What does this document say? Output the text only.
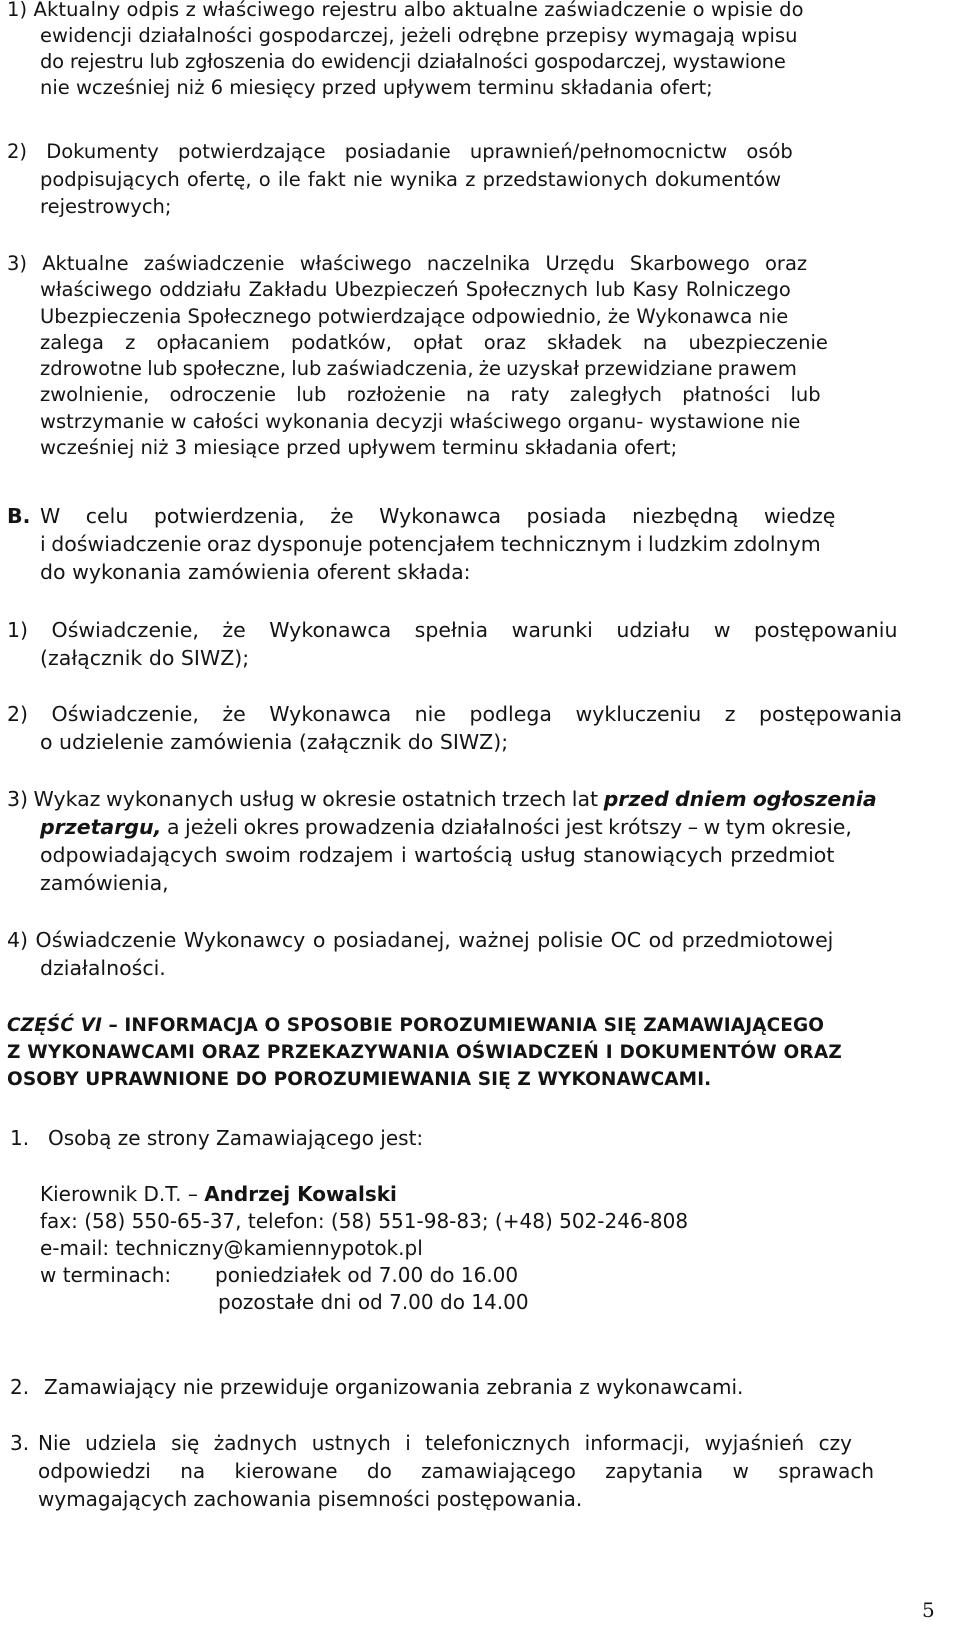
1) Aktualny odpis z właściwego rejestru albo aktualne zaświadczenie o wpisie do

ewidencji działalności gospodarczej, jeżeli odrębne przepisy wymagają wpisu

do rejestru lub zgłoszenia do ewidencji działalności gospodarczej, wystawione

nie wcześniej niż 6 miesięcy przed upływem terminu składania ofert;

2) Dokumenty potwierdzające posiadanie uprawnień/pełnomocnictw osób

podpisujących ofertę, o ile fakt nie wynika z przedstawionych dokumentów

rejestrowych;

3) Aktualne zaświadczenie właściwego naczelnika Urzędu Skarbowego oraz

właściwego oddziału Zakładu Ubezpieczeń Społecznych lub Kasy Rolniczego

Ubezpieczenia Społecznego potwierdzające odpowiednio, że Wykonawca nie

zalega z opłacaniem podatków, opłat oraz składek na ubezpieczenie

zdrowotne lub społeczne, lub zaświadczenia, że uzyskał przewidziane prawem

zwolnienie, odroczenie lub rozłożenie na raty zaległych płatności lub

wstrzymanie w całości wykonania decyzji właściwego organu- wystawione nie

wcześniej niż 3 miesiące przed upływem terminu składania ofert;

B. W celu potwierdzenia, że Wykonawca posiada niezbędną wiedzę

i doświadczenie oraz dysponuje potencjałem technicznym i ludzkim zdolnym

do wykonania zamówienia oferent składa:

1) Oświadczenie, że Wykonawca spełnia warunki udziału w postępowaniu

(załącznik do SIWZ);

2) Oświadczenie, że Wykonawca nie podlega wykluczeniu z postępowania

o udzielenie zamówienia (załącznik do SIWZ);

3) Wykaz wykonanych usług w okresie ostatnich trzech lat przed dniem ogłoszenia

przetargu, a jeżeli okres prowadzenia działalności jest krótszy – w tym okresie,

odpowiadających swoim rodzajem i wartością usług stanowiących przedmiot

zamówienia,

4) Oświadczenie Wykonawcy o posiadanej, ważnej polisie OC od przedmiotowej

działalności.

CZĘŚĆ VI – INFORMACJA O SPOSOBIE POROZUMIEWANIA SIĘ ZAMAWIAJĄCEGO

Z WYKONAWCAMI ORAZ PRZEKAZYWANIA OŚWIADCZEŃ I DOKUMENTÓW ORAZ

OSOBY UPRAWNIONE DO POROZUMIEWANIA SIĘ Z WYKONAWCAMI.

1. Osobą ze strony Zamawiającego jest:

Kierownik D.T. – Andrzej Kowalski

fax: (58) 550-65-37, telefon: (58) 551-98-83; (+48) 502-246-808

e-mail: techniczny@kamiennypotok.pl

w terminach: poniedziałek od 7.00 do 16.00

pozostałe dni od 7.00 do 14.00

2. Zamawiający nie przewiduje organizowania zebrania z wykonawcami.

3. Nie udziela się żadnych ustnych i telefonicznych informacji, wyjaśnień czy

odpowiedzi na kierowane do zamawiającego zapytania w sprawach

wymagających zachowania pisemności postępowania.

5
